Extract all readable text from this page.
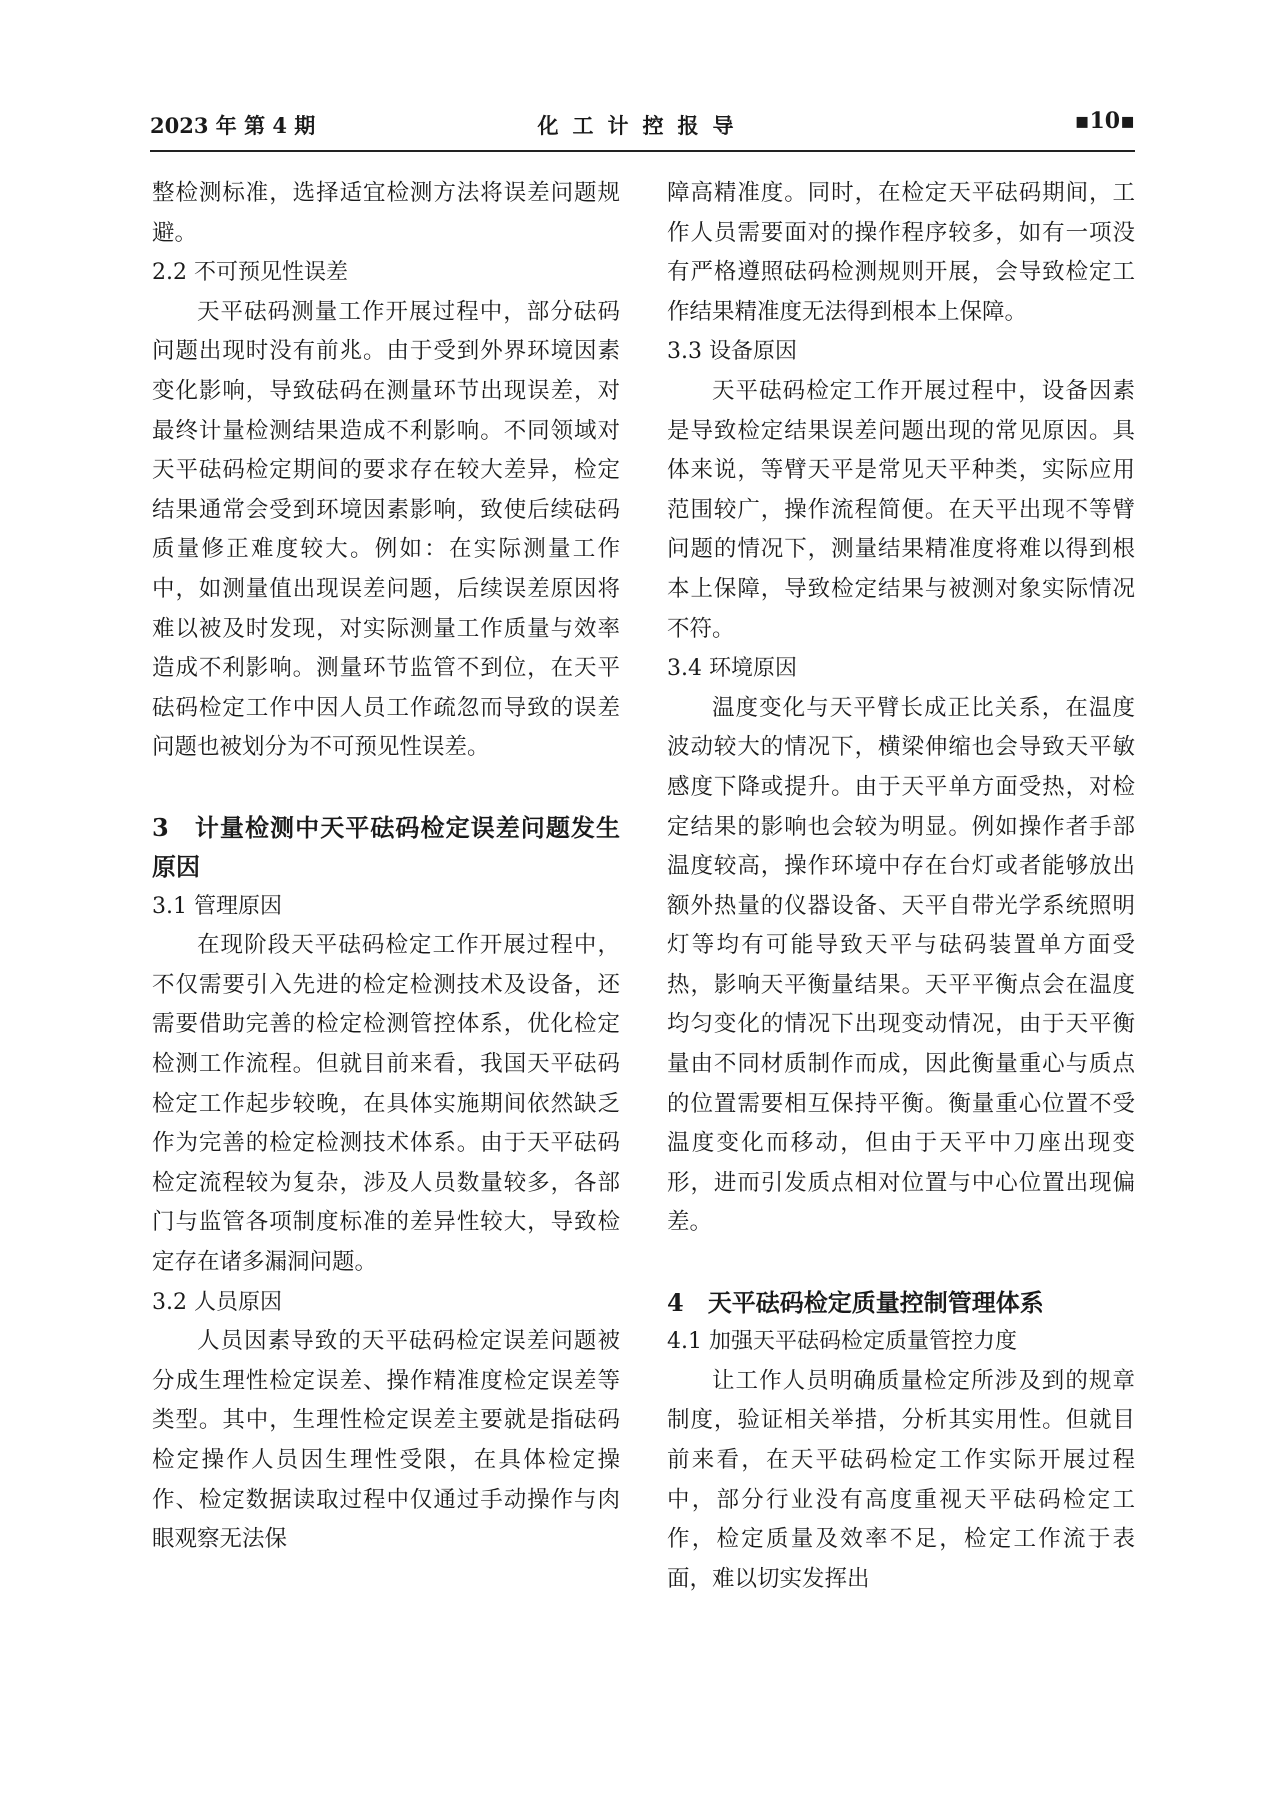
2023 年 第 4 期	化工计控报导	▪10▪

整检测标准，选择适宜检测方法将误差问题规避。

2.2 不可预见性误差

天平砝码测量工作开展过程中，部分砝码问题出现时没有前兆。由于受到外界环境因素变化影响，导致砝码在测量环节出现误差，对最终计量检测结果造成不利影响。不同领域对天平砝码检定期间的要求存在较大差异，检定结果通常会受到环境因素影响，致使后续砝码质量修正难度较大。例如：在实际测量工作中，如测量值出现误差问题，后续误差原因将难以被及时发现，对实际测量工作质量与效率造成不利影响。测量环节监管不到位，在天平砝码检定工作中因人员工作疏忽而导致的误差问题也被划分为不可预见性误差。

3　计量检测中天平砝码检定误差问题发生原因

3.1 管理原因

在现阶段天平砝码检定工作开展过程中，不仅需要引入先进的检定检测技术及设备，还需要借助完善的检定检测管控体系，优化检定检测工作流程。但就目前来看，我国天平砝码检定工作起步较晚，在具体实施期间依然缺乏作为完善的检定检测技术体系。由于天平砝码检定流程较为复杂，涉及人员数量较多，各部门与监管各项制度标准的差异性较大，导致检定存在诸多漏洞问题。

3.2 人员原因

人员因素导致的天平砝码检定误差问题被分成生理性检定误差、操作精准度检定误差等类型。其中，生理性检定误差主要就是指砝码检定操作人员因生理性受限，在具体检定操作、检定数据读取过程中仅通过手动操作与肉眼观察无法保

障高精准度。同时，在检定天平砝码期间，工作人员需要面对的操作程序较多，如有一项没有严格遵照砝码检测规则开展，会导致检定工作结果精准度无法得到根本上保障。

3.3 设备原因

天平砝码检定工作开展过程中，设备因素是导致检定结果误差问题出现的常见原因。具体来说，等臂天平是常见天平种类，实际应用范围较广，操作流程简便。在天平出现不等臂问题的情况下，测量结果精准度将难以得到根本上保障，导致检定结果与被测对象实际情况不符。

3.4 环境原因

温度变化与天平臂长成正比关系，在温度波动较大的情况下，横梁伸缩也会导致天平敏感度下降或提升。由于天平单方面受热，对检定结果的影响也会较为明显。例如操作者手部温度较高，操作环境中存在台灯或者能够放出额外热量的仪器设备、天平自带光学系统照明灯等均有可能导致天平与砝码装置单方面受热，影响天平衡量结果。天平平衡点会在温度均匀变化的情况下出现变动情况，由于天平衡量由不同材质制作而成，因此衡量重心与质点的位置需要相互保持平衡。衡量重心位置不受温度变化而移动，但由于天平中刀座出现变形，进而引发质点相对位置与中心位置出现偏差。

4　天平砝码检定质量控制管理体系

4.1 加强天平砝码检定质量管控力度

让工作人员明确质量检定所涉及到的规章制度，验证相关举措，分析其实用性。但就目前来看，在天平砝码检定工作实际开展过程中，部分行业没有高度重视天平砝码检定工作，检定质量及效率不足，检定工作流于表面，难以切实发挥出
